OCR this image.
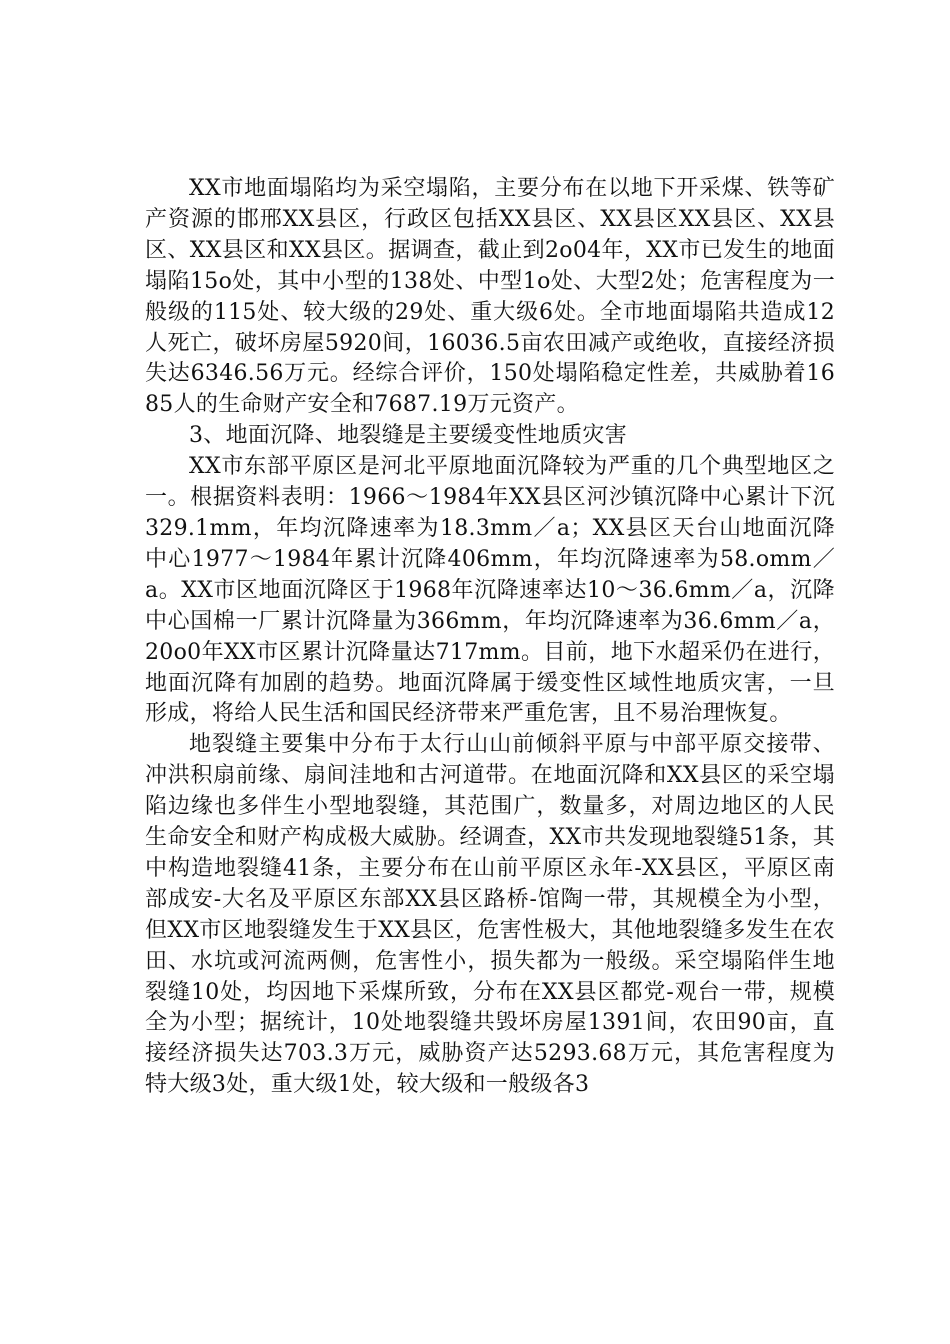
XX市地面塌陷均为采空塌陷，主要分布在以地下开采煤、铁等矿产资源的邯邢XX县区，行政区包括XX县区、XX县区XX县区、XX县区、XX县区和XX县区。据调查，截止到2o04年，XX市已发生的地面塌陷15o处，其中小型的138处、中型1o处、大型2处；危害程度为一般级的115处、较大级的29处、重大级6处。全市地面塌陷共造成12人死亡，破坏房屋5920间，16036.5亩农田减产或绝收，直接经济损失达6346.56万元。经综合评价，150处塌陷稳定性差，共威胁着1685人的生命财产安全和7687.19万元资产。

3、地面沉降、地裂缝是主要缓变性地质灾害

XX市东部平原区是河北平原地面沉降较为严重的几个典型地区之一。根据资料表明：1966～1984年XX县区河沙镇沉降中心累计下沉329.1mm，年均沉降速率为18.3mm／a；XX县区天台山地面沉降中心1977～1984年累计沉降406mm，年均沉降速率为58.omm／a。XX市区地面沉降区于1968年沉降速率达10～36.6mm／a，沉降中心国棉一厂累计沉降量为366mm，年均沉降速率为36.6mm／a，20o0年XX市区累计沉降量达717mm。目前，地下水超采仍在进行，地面沉降有加剧的趋势。地面沉降属于缓变性区域性地质灾害，一旦形成，将给人民生活和国民经济带来严重危害，且不易治理恢复。

地裂缝主要集中分布于太行山山前倾斜平原与中部平原交接带、冲洪积扇前缘、扇间洼地和古河道带。在地面沉降和XX县区的采空塌陷边缘也多伴生小型地裂缝，其范围广，数量多，对周边地区的人民生命安全和财产构成极大威胁。经调查，XX市共发现地裂缝51条，其中构造地裂缝41条，主要分布在山前平原区永年-XX县区，平原区南部成安-大名及平原区东部XX县区路桥-馆陶一带，其规模全为小型，但XX市区地裂缝发生于XX县区，危害性极大，其他地裂缝多发生在农田、水坑或河流两侧，危害性小，损失都为一般级。采空塌陷伴生地裂缝10处，均因地下采煤所致，分布在XX县区都党-观台一带，规模全为小型；据统计，10处地裂缝共毁坏房屋1391间，农田90亩，直接经济损失达703.3万元，威胁资产达5293.68万元，其危害程度为特大级3处，重大级1处，较大级和一般级各3
